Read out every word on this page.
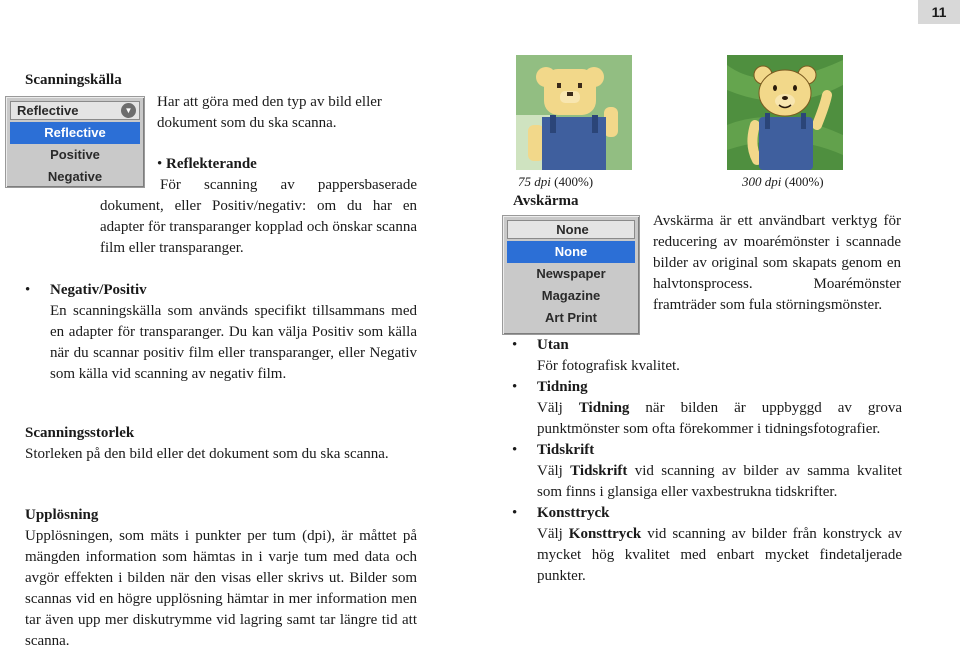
11
Scanningskälla
Reflective	▼
Reflective
Positive
Negative
Har att göra med den typ av bild eller dokument som du ska scanna.
• Reflekterande
För scanning av pappersbaserade dokument, eller Positiv/negativ: om du har en adapter för transparanger kopplad och önskar scanna film eller transparanger.
• Negativ/Positiv
En scanningskälla som används specifikt tillsammans med en adapter för transparanger. Du kan välja Positiv som källa när du scannar positiv film eller transparanger, eller Negativ som källa vid scanning av negativ film.
Scanningsstorlek
Storleken på den bild eller det dokument som du ska scanna.
Upplösning
Upplösningen, som mäts i punkter per tum (dpi), är måttet på mängden information som hämtas in i varje tum med data och avgör effekten i bilden när den visas eller skrivs ut. Bilder som scannas vid en högre upplösning hämtar in mer information men tar även upp mer diskutrymme vid lagring samt tar längre tid att scanna.
75 dpi (400%)	300 dpi (400%)
Avskärma
None
None
Newspaper
Magazine
Art Print
Avskärma är ett användbart verktyg för reducering av moarémönster i scannade bilder av original som skapats genom en halvtonsprocess. Moarémönster framträder som fula störningsmönster.
• Utan
För fotografisk kvalitet.
• Tidning
Välj Tidning när bilden är uppbyggd av grova punktmönster som ofta förekommer i tidningsfotografier.
• Tidskrift
Välj Tidskrift vid scanning av bilder av samma kvalitet som finns i glansiga eller vaxbestrukna tidskrifter.
• Konsttryck
Välj Konsttryck vid scanning av bilder från konstryck av mycket hög kvalitet med enbart mycket findetaljerade punkter.
